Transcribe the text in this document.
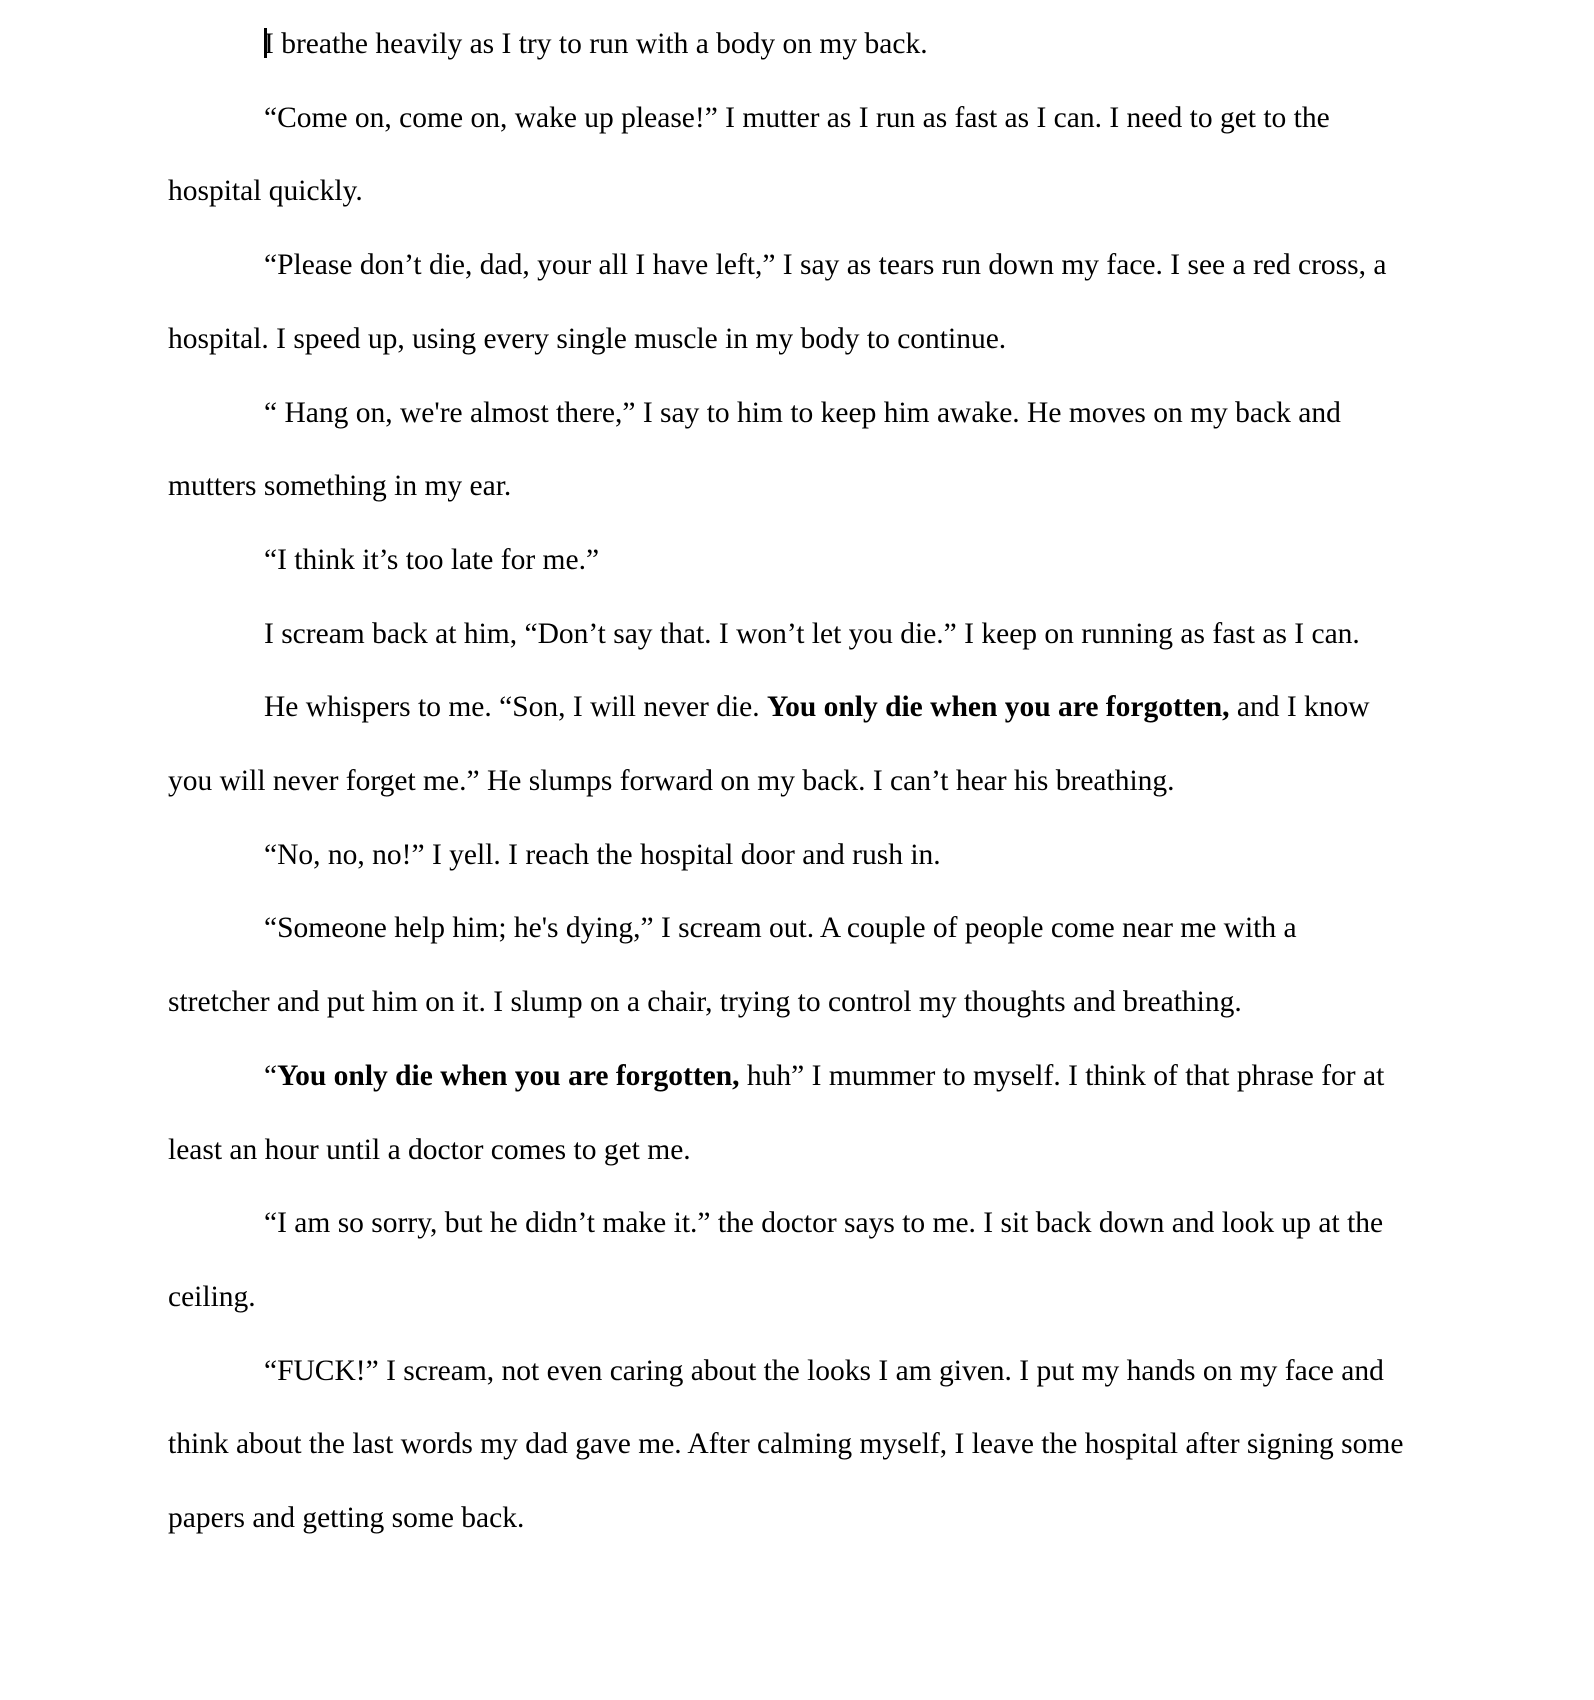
I breathe heavily as I try to run with a body on my back.

“Come on, come on, wake up please!” I mutter as I run as fast as I can. I need to get to the hospital quickly.

“Please don’t die, dad, your all I have left,” I say as tears run down my face. I see a red cross, a hospital. I speed up, using every single muscle in my body to continue.

“ Hang on, we're almost there,” I say to him to keep him awake. He moves on my back and mutters something in my ear.

“I think it’s too late for me.”

I scream back at him, “Don’t say that. I won’t let you die.” I keep on running as fast as I can.

He whispers to me. “Son, I will never die. You only die when you are forgotten, and I know you will never forget me.” He slumps forward on my back. I can’t hear his breathing.

“No, no, no!” I yell. I reach the hospital door and rush in.

“Someone help him; he's dying,” I scream out. A couple of people come near me with a stretcher and put him on it. I slump on a chair, trying to control my thoughts and breathing.

“You only die when you are forgotten, huh” I mummer to myself. I think of that phrase for at least an hour until a doctor comes to get me.

“I am so sorry, but he didn’t make it.” the doctor says to me. I sit back down and look up at the ceiling.

“FUCK!” I scream, not even caring about the looks I am given. I put my hands on my face and think about the last words my dad gave me. After calming myself, I leave the hospital after signing some papers and getting some back.
